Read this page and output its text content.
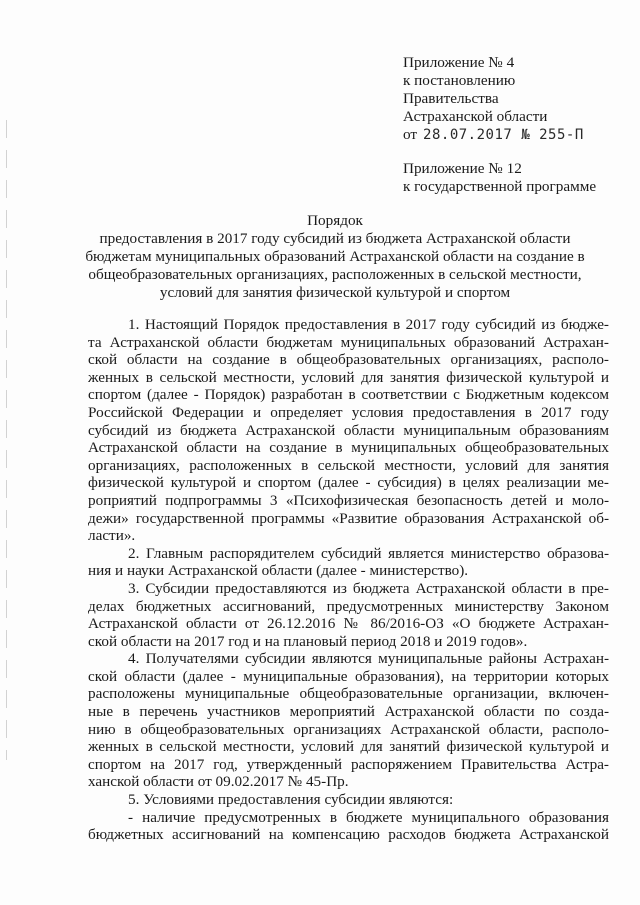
Приложение № 4
к постановлению
Правительства
Астраханской области
от 28.07.2017 № 255-П
Приложение № 12
к государственной программе
Порядок
предоставления в 2017 году субсидий из бюджета Астраханской области
бюджетам муниципальных образований Астраханской области на создание в
общеобразовательных организациях, расположенных в сельской местности,
условий для занятия физической культурой и спортом
1. Настоящий Порядок предоставления в 2017 году субсидий из бюдже-
та Астраханской области бюджетам муниципальных образований Астрахан-
ской области на создание в общеобразовательных организациях, располо-
женных в сельской местности, условий для занятия физической культурой и
спортом (далее - Порядок) разработан в соответствии с Бюджетным кодексом
Российской Федерации и определяет условия предоставления в 2017 году
субсидий из бюджета Астраханской области муниципальным образованиям
Астраханской области на создание в муниципальных общеобразовательных
организациях, расположенных в сельской местности, условий для занятия
физической культурой и спортом (далее - субсидия) в целях реализации ме-
роприятий подпрограммы 3 «Психофизическая безопасность детей и моло-
дежи» государственной программы «Развитие образования Астраханской об-
ласти».
2. Главным распорядителем субсидий является министерство образова-
ния и науки Астраханской области (далее - министерство).
3. Субсидии предоставляются из бюджета Астраханской области в пре-
делах бюджетных ассигнований, предусмотренных министерству Законом
Астраханской области от 26.12.2016 № 86/2016-ОЗ «О бюджете Астрахан-
ской области на 2017 год и на плановый период 2018 и 2019 годов».
4. Получателями субсидии являются муниципальные районы Астрахан-
ской области (далее - муниципальные образования), на территории которых
расположены муниципальные общеобразовательные организации, включен-
ные в перечень участников мероприятий Астраханской области по созда-
нию в общеобразовательных организациях Астраханской области, располо-
женных в сельской местности, условий для занятий физической культурой и
спортом на 2017 год, утвержденный распоряжением Правительства Астра-
ханской области от 09.02.2017 № 45-Пр.
5. Условиями предоставления субсидии являются:
- наличие предусмотренных в бюджете муниципального образования
бюджетных ассигнований на компенсацию расходов бюджета Астраханской
